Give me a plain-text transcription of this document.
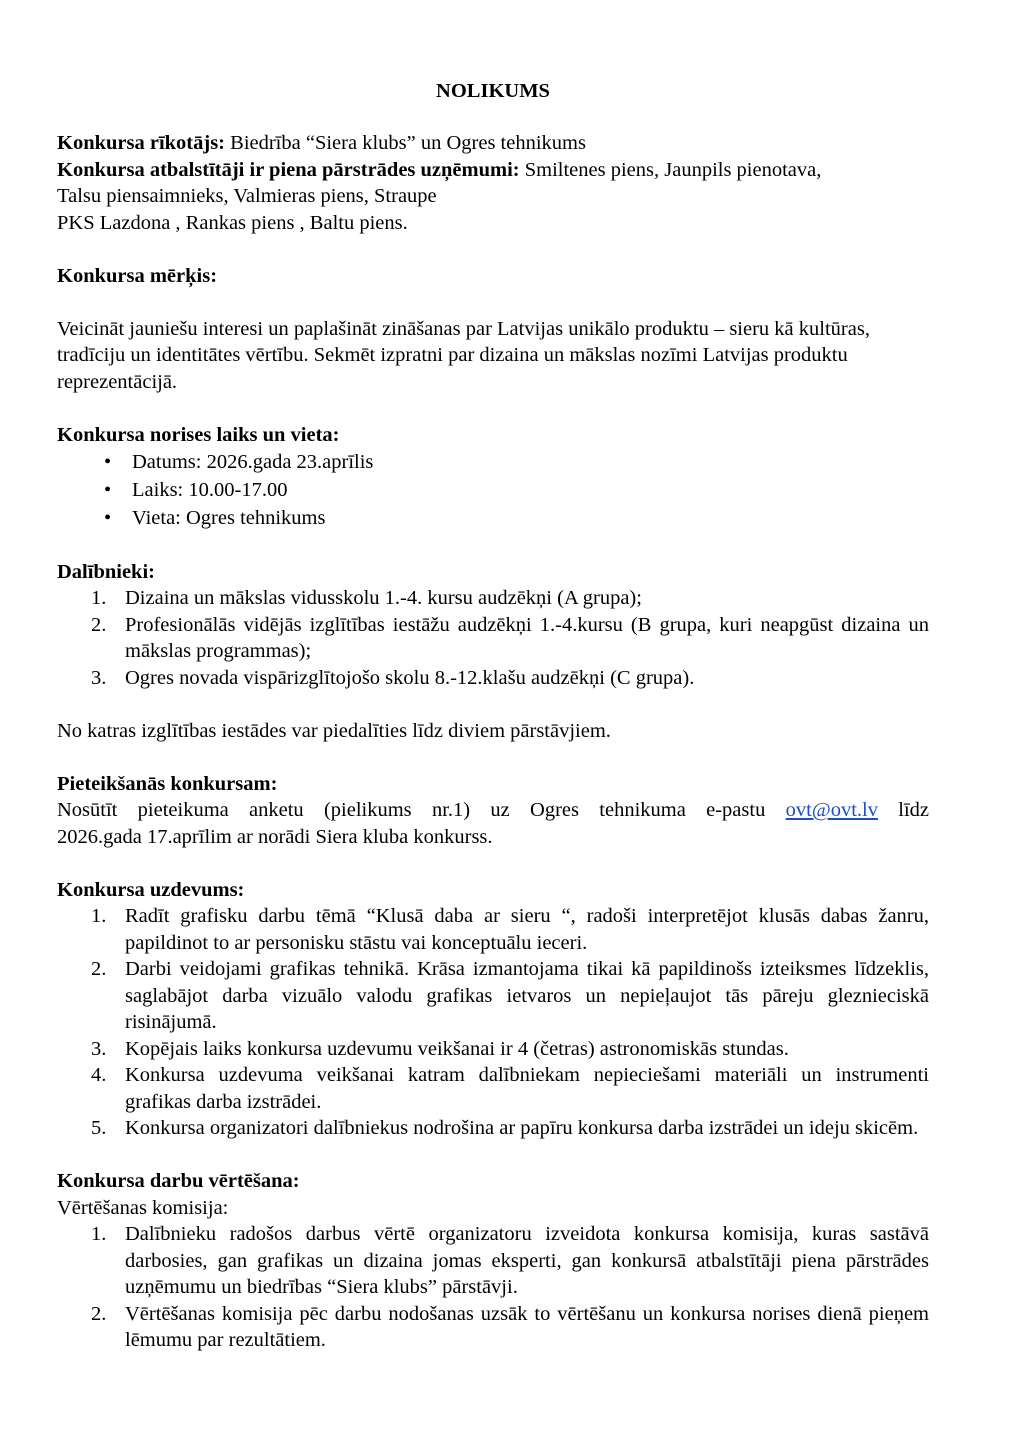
NOLIKUMS

Konkursa rīkotājs: Biedrība “Siera klubs” un Ogres tehnikums

Konkursa atbalstītāji ir piena pārstrādes uzņēmumi: Smiltenes piens, Jaunpils pienotava,

Talsu piensaimnieks, Valmieras piens, Straupe

PKS Lazdona , Rankas piens , Baltu piens.

Konkursa mērķis:

Veicināt jauniešu interesi un paplašināt zināšanas par Latvijas unikālo produktu – sieru kā kultūras, tradīciju un identitātes vērtību. Sekmēt izpratni par dizaina un mākslas nozīmi Latvijas produktu reprezentācijā.

Konkursa norises laiks un vieta:

• Datums: 2026.gada 23.aprīlis
• Laiks: 10.00-17.00
• Vieta: Ogres tehnikums

Dalībnieki:

1. Dizaina un mākslas vidusskolu 1.-4. kursu audzēkņi (A grupa);
2. Profesionālās vidējās izglītības iestāžu audzēkņi 1.-4.kursu (B grupa, kuri neapgūst dizaina un mākslas programmas);
3. Ogres novada vispārizglītojošo skolu 8.-12.klašu audzēkņi (C grupa).

No katras izglītības iestādes var piedalīties līdz diviem pārstāvjiem.

Pieteikšanās konkursam:

Nosūtīt pieteikuma anketu (pielikums nr.1) uz Ogres tehnikuma e-pastu ovt@ovt.lv līdz

2026.gada 17.aprīlim ar norādi Siera kluba konkurss.

Konkursa uzdevums:

1. Radīt grafisku darbu tēmā “Klusā daba ar sieru “, radoši interpretējot klusās dabas žanru, papildinot to ar personisku stāstu vai konceptuālu ieceri.
2. Darbi veidojami grafikas tehnikā. Krāsa izmantojama tikai kā papildinošs izteiksmes līdzeklis, saglabājot darba vizuālo valodu grafikas ietvaros un nepieļaujot tās pāreju gleznieciskā risinājumā.
3. Kopējais laiks konkursa uzdevumu veikšanai ir 4 (četras) astronomiskās stundas.
4. Konkursa uzdevuma veikšanai katram dalībniekam nepieciešami materiāli un instrumenti grafikas darba izstrādei.
5. Konkursa organizatori dalībniekus nodrošina ar papīru konkursa darba izstrādei un ideju skicēm.

Konkursa darbu vērtēšana:

Vērtēšanas komisija:

1. Dalībnieku radošos darbus vērtē organizatoru izveidota konkursa komisija, kuras sastāvā darbosies, gan grafikas un dizaina jomas eksperti, gan konkursā atbalstītāji piena pārstrādes uzņēmumu un biedrības “Siera klubs” pārstāvji.
2. Vērtēšanas komisija pēc darbu nodošanas uzsāk to vērtēšanu un konkursa norises dienā pieņem lēmumu par rezultātiem.
